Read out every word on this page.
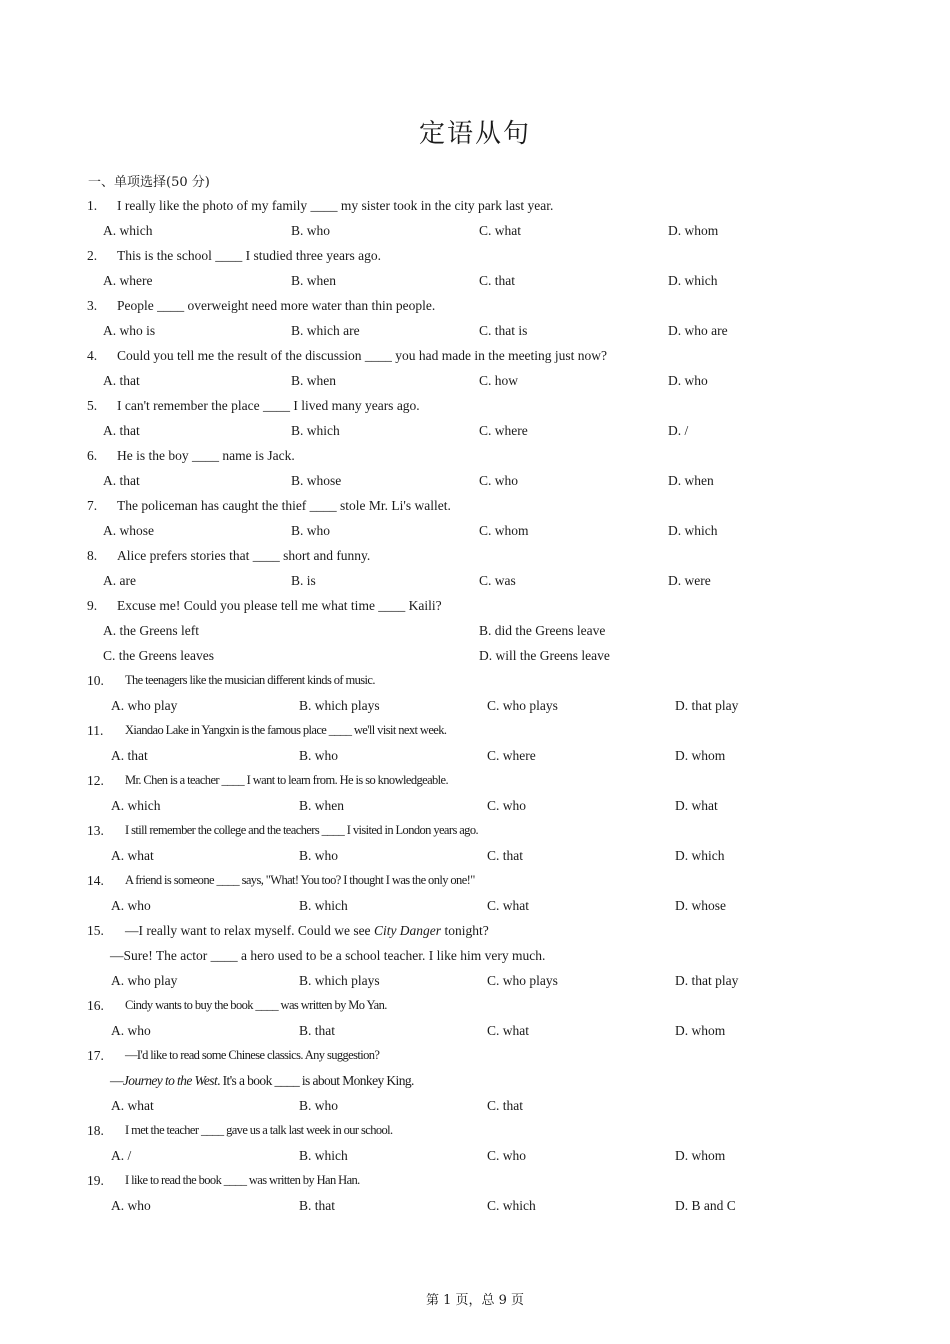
定语从句
一、单项选择(50 分)
1. I really like the photo of my family ____ my sister took in the city park last year.
A. which	B. who	C. what	D. whom
2. This is the school ____ I studied three years ago.
A. where	B. when	C. that	D. which
3. People ____ overweight need more water than thin people.
A. who is	B. which are	C. that is	D. who are
4. Could you tell me the result of the discussion ____ you had made in the meeting just now?
A. that	B. when	C. how	D. who
5. I can't remember the place ____ I lived many years ago.
A. that	B. which	C. where	D. /
6. He is the boy ____ name is Jack.
A. that	B. whose	C. who	D. when
7. The policeman has caught the thief ____ stole Mr. Li's wallet.
A. whose	B. who	C. whom	D. which
8. Alice prefers stories that ____ short and funny.
A. are	B. is	C. was	D. were
9. Excuse me! Could you please tell me what time ____ Kaili?
A. the Greens left	B. did the Greens leave
C. the Greens leaves	D. will the Greens leave
10. The teenagers like the musician different kinds of music.
A. who play	B. which plays	C. who plays	D. that play
11. Xiandao Lake in Yangxin is the famous place ____ we'll visit next week.
A. that	B. who	C. where	D. whom
12. Mr. Chen is a teacher ____ I want to learn from. He is so knowledgeable.
A. which	B. when	C. who	D. what
13. I still remember the college and the teachers ____ I visited in London years ago.
A. what	B. who	C. that	D. which
14. A friend is someone ____ says, "What! You too? I thought I was the only one!"
A. who	B. which	C. what	D. whose
15. —I really want to relax myself. Could we see City Danger tonight?
—Sure! The actor ____ a hero used to be a school teacher. I like him very much.
A. who play	B. which plays	C. who plays	D. that play
16. Cindy wants to buy the book ____ was written by Mo Yan.
A. who	B. that	C. what	D. whom
17. —I'd like to read some Chinese classics. Any suggestion?
—Journey to the West. It's a book ____ is about Monkey King.
A. what	B. who	C. that
18. I met the teacher ____ gave us a talk last week in our school.
A. /	B. which	C. who	D. whom
19. I like to read the book ____ was written by Han Han.
A. who	B. that	C. which	D. B and C
第 1 页，总 9 页
